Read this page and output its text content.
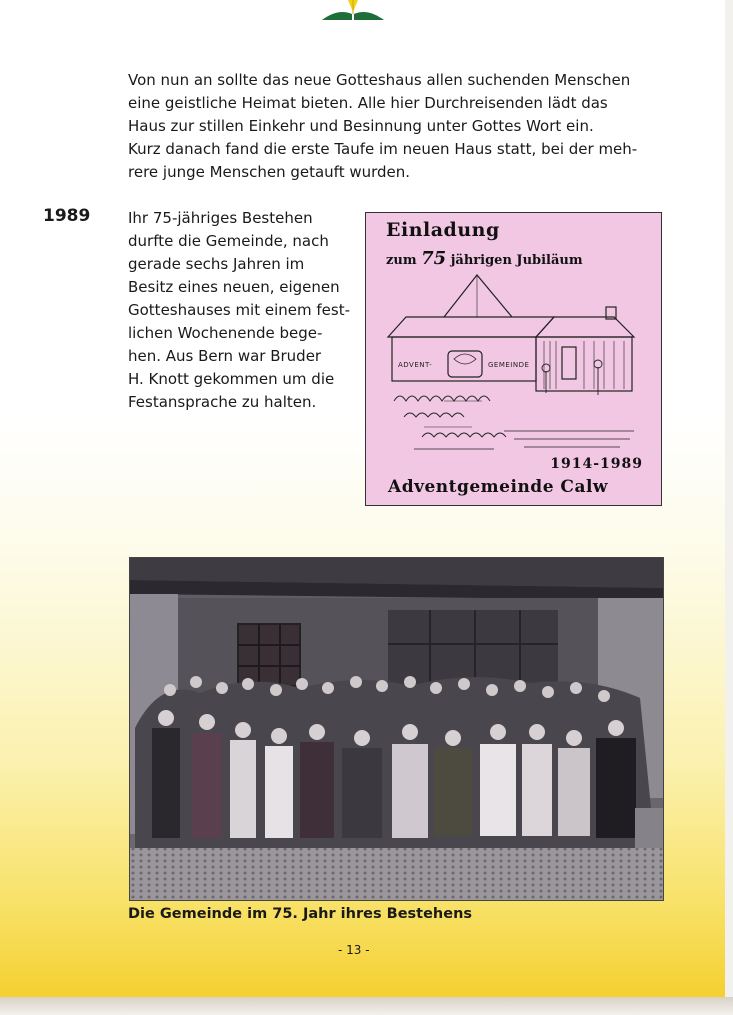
Von nun an sollte das neue Gotteshaus allen suchenden Menschen
eine geistliche Heimat bieten. Alle hier Durchreisenden lädt das
Haus zur stillen Einkehr und Besinnung unter Gottes Wort ein.
Kurz danach fand die erste Taufe im neuen Haus statt, bei der meh-
rere junge Menschen getauft wurden.

1989	Ihr 75-jähriges Bestehen
durfte die Gemeinde, nach
gerade sechs Jahren im
Besitz eines neuen, eigenen
Gotteshauses mit einem fest-
lichen Wochenende bege-
hen. Aus Bern war Bruder
H. Knott gekommen um die
Festansprache zu halten.

Einladung
zum 75 jährigen Jubiläum
ADVENT-	GEMEINDE
1914-1989
Adventgemeinde Calw

Die Gemeinde im 75. Jahr ihres Bestehens

- 13 -
